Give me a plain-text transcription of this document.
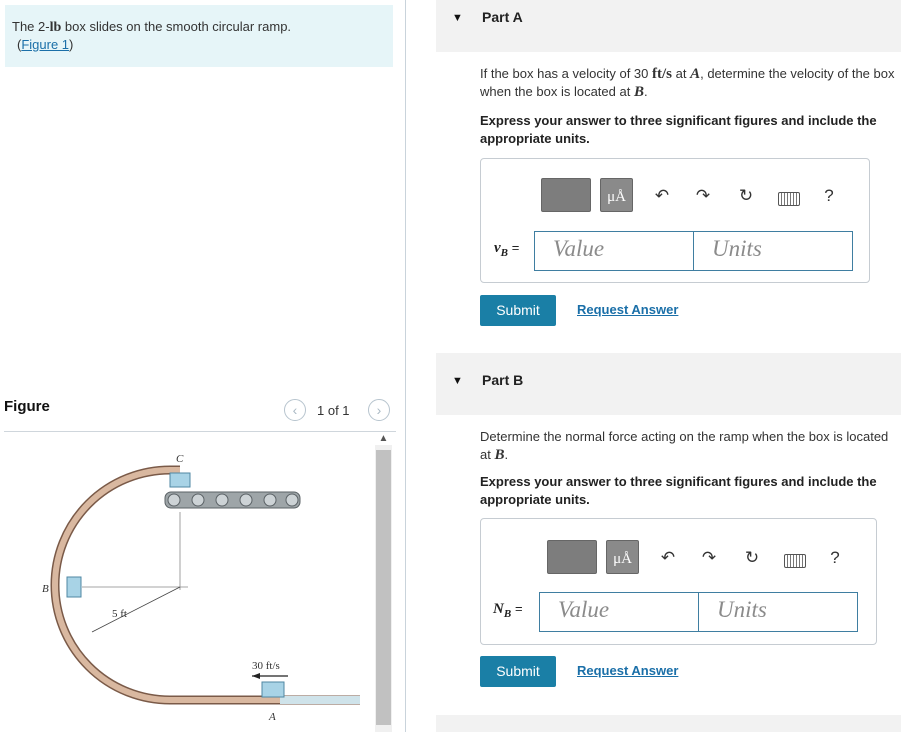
The 2-lb box slides on the smooth circular ramp.
(Figure 1)
Figure	‹	1 of 1	›
▲
C
B
A
5 ft
30 ft/s
▼ Part A
If the box has a velocity of 30 ft/s at A, determine the velocity of the box when the box is located at B.
Express your answer to three significant figures and include the appropriate units.
μÅ	↶ ↷ ↻	?
$v_B$ =	Value	Units
Submit	Request Answer
▼ Part B
Determine the normal force acting on the ramp when the box is located at B.
Express your answer to three significant figures and include the appropriate units.
μÅ	↶ ↷ ↻	?
$N_B$ =	Value	Units
Submit	Request Answer
